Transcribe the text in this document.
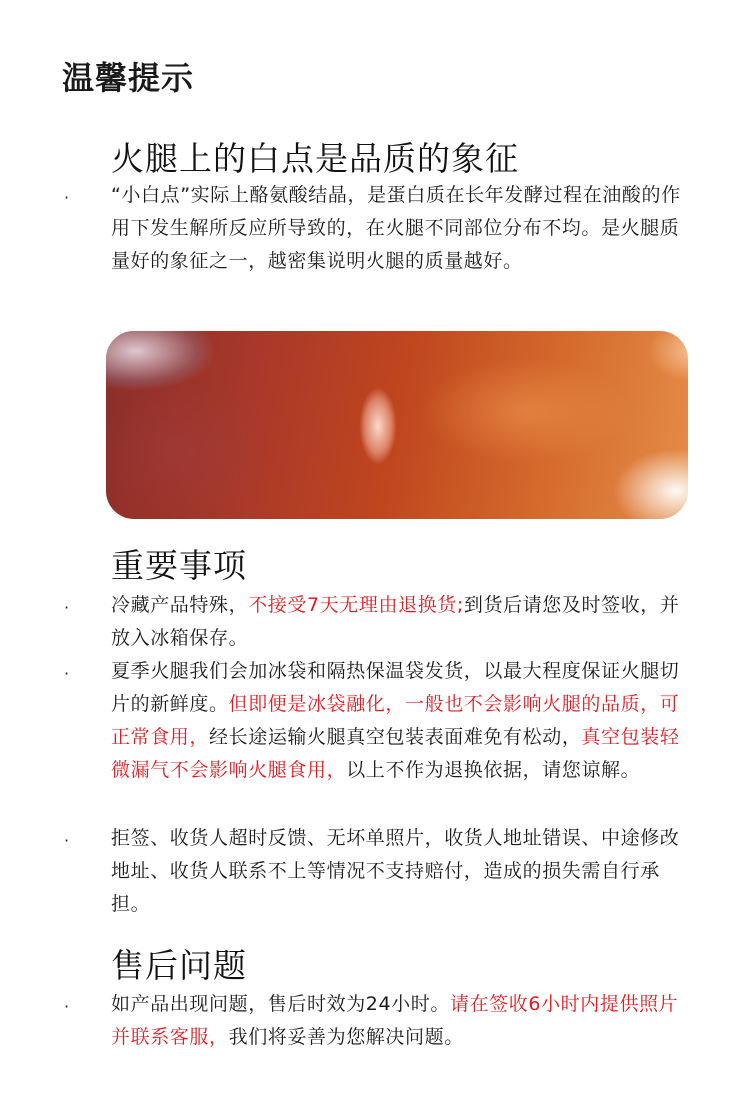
温馨提示
火腿上的白点是品质的象征
· “小白点”实际上酪氨酸结晶，是蛋白质在长年发酵过程在油酸的作用下发生解所反应所导致的，在火腿不同部位分布不均。是火腿质量好的象征之一，越密集说明火腿的质量越好。
重要事项
· 冷藏产品特殊，不接受7天无理由退换货;到货后请您及时签收，并放入冰箱保存。
· 夏季火腿我们会加冰袋和隔热保温袋发货，以最大程度保证火腿切片的新鲜度。但即便是冰袋融化，一般也不会影响火腿的品质，可正常食用，经长途运输火腿真空包装表面难免有松动，真空包装轻微漏气不会影响火腿食用，以上不作为退换依据，请您谅解。
· 拒签、收货人超时反馈、无坏单照片，收货人地址错误、中途修改地址、收货人联系不上等情况不支持赔付，造成的损失需自行承担。
售后问题
· 如产品出现问题，售后时效为24小时。请在签收6小时内提供照片并联系客服，我们将妥善为您解决问题。
